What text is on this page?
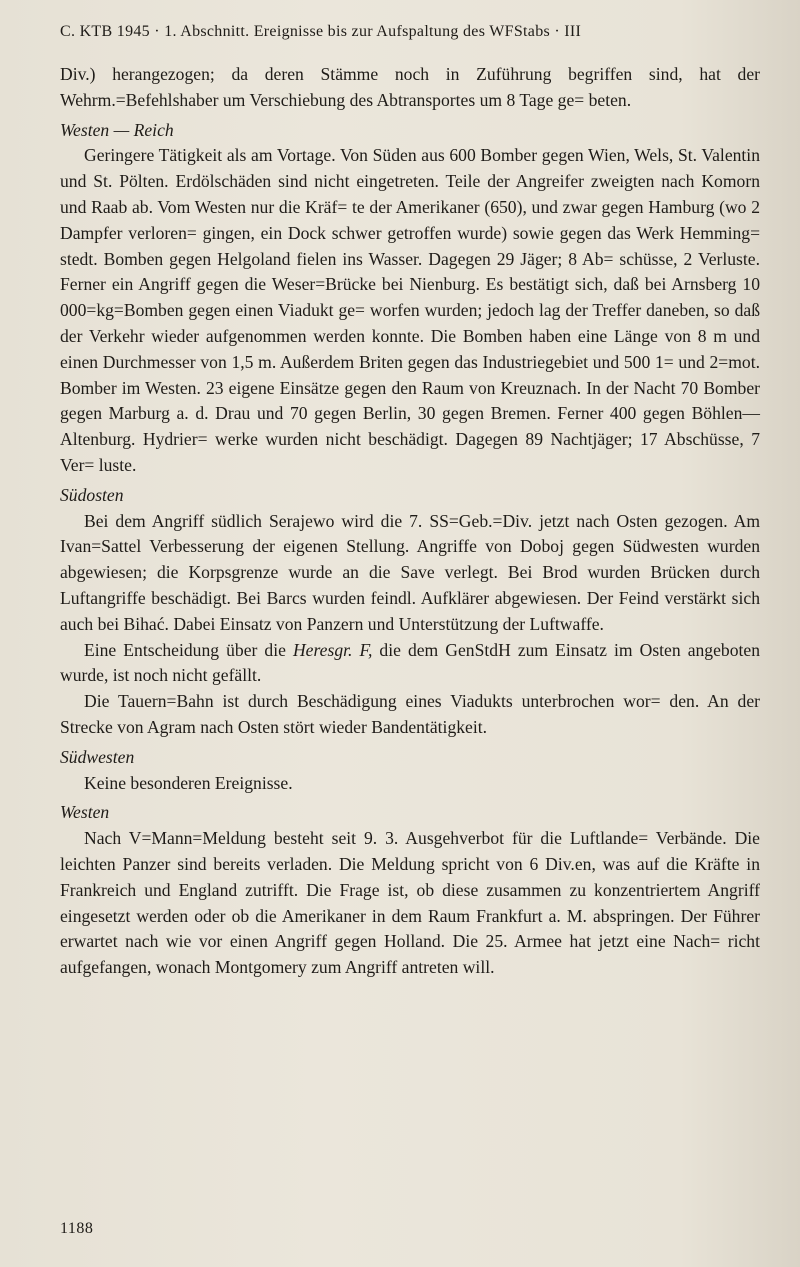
C. KTB 1945 · 1. Abschnitt. Ereignisse bis zur Aufspaltung des WFStabs · III

Div.) herangezogen; da deren Stämme noch in Zuführung begriffen sind, hat der Wehrm.=Befehlshaber um Verschiebung des Abtransportes um 8 Tage ge= beten.

Westen — Reich

Geringere Tätigkeit als am Vortage. Von Süden aus 600 Bomber gegen Wien, Wels, St. Valentin und St. Pölten. Erdölschäden sind nicht eingetreten. Teile der Angreifer zweigten nach Komorn und Raab ab. Vom Westen nur die Kräf= te der Amerikaner (650), und zwar gegen Hamburg (wo 2 Dampfer verloren= gingen, ein Dock schwer getroffen wurde) sowie gegen das Werk Hemming= stedt. Bomben gegen Helgoland fielen ins Wasser. Dagegen 29 Jäger; 8 Ab= schüsse, 2 Verluste. Ferner ein Angriff gegen die Weser=Brücke bei Nienburg. Es bestätigt sich, daß bei Arnsberg 10 000=kg=Bomben gegen einen Viadukt ge= worfen wurden; jedoch lag der Treffer daneben, so daß der Verkehr wieder aufgenommen werden konnte. Die Bomben haben eine Länge von 8 m und einen Durchmesser von 1,5 m. Außerdem Briten gegen das Industriegebiet und 500 1= und 2=mot. Bomber im Westen. 23 eigene Einsätze gegen den Raum von Kreuznach. In der Nacht 70 Bomber gegen Marburg a. d. Drau und 70 gegen Berlin, 30 gegen Bremen. Ferner 400 gegen Böhlen—Altenburg. Hydrier= werke wurden nicht beschädigt. Dagegen 89 Nachtjäger; 17 Abschüsse, 7 Ver= luste.

Südosten

Bei dem Angriff südlich Serajewo wird die 7. SS=Geb.=Div. jetzt nach Osten gezogen. Am Ivan=Sattel Verbesserung der eigenen Stellung. Angriffe von Doboj gegen Südwesten wurden abgewiesen; die Korpsgrenze wurde an die Save verlegt. Bei Brod wurden Brücken durch Luftangriffe beschädigt. Bei Barcs wurden feindl. Aufklärer abgewiesen. Der Feind verstärkt sich auch bei Bihać. Dabei Einsatz von Panzern und Unterstützung der Luftwaffe.

Eine Entscheidung über die Heresgr. F, die dem GenStdH zum Einsatz im Osten angeboten wurde, ist noch nicht gefällt.

Die Tauern=Bahn ist durch Beschädigung eines Viadukts unterbrochen wor= den. An der Strecke von Agram nach Osten stört wieder Bandentätigkeit.

Südwesten

Keine besonderen Ereignisse.

Westen

Nach V=Mann=Meldung besteht seit 9. 3. Ausgehverbot für die Luftlande= Verbände. Die leichten Panzer sind bereits verladen. Die Meldung spricht von 6 Div.en, was auf die Kräfte in Frankreich und England zutrifft. Die Frage ist, ob diese zusammen zu konzentriertem Angriff eingesetzt werden oder ob die Amerikaner in dem Raum Frankfurt a. M. abspringen. Der Führer erwartet nach wie vor einen Angriff gegen Holland. Die 25. Armee hat jetzt eine Nach= richt aufgefangen, wonach Montgomery zum Angriff antreten will.

1188
